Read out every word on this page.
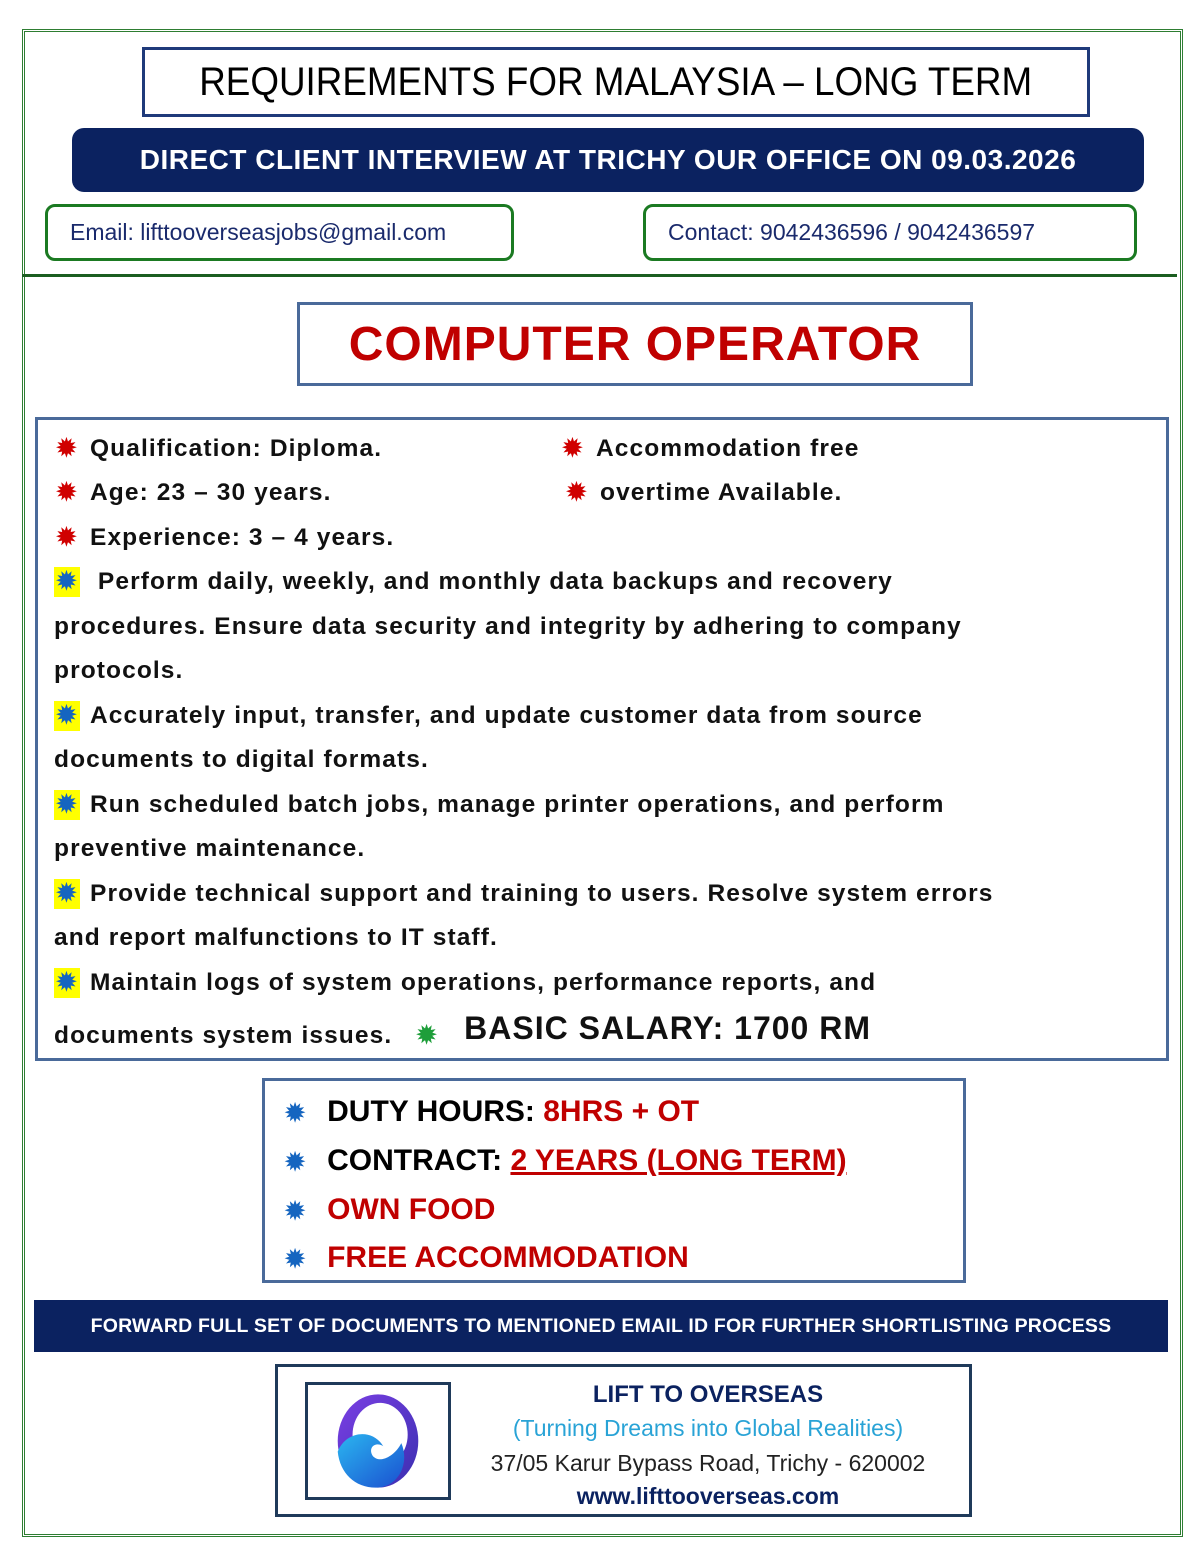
REQUIREMENTS FOR MALAYSIA – LONG TERM
DIRECT CLIENT INTERVIEW AT TRICHY OUR OFFICE ON 09.03.2026
Email: lifttooverseasjobs@gmail.com	Contact: 9042436596 / 9042436597
COMPUTER OPERATOR
✹ Qualification: Diploma.
✹ Age: 23 – 30 years.
✹ Experience: 3 – 4 years.
✹ Accommodation free
✹ overtime Available.
✹ Perform daily, weekly, and monthly data backups and recovery
procedures. Ensure data security and integrity by adhering to company
protocols.
✹ Accurately input, transfer, and update customer data from source
documents to digital formats.
✹ Run scheduled batch jobs, manage printer operations, and perform
preventive maintenance.
✹ Provide technical support and training to users. Resolve system errors
and report malfunctions to IT staff.
✹ Maintain logs of system operations, performance reports, and
documents system issues. ✹ BASIC SALARY: 1700 RM
✹ DUTY HOURS: 8HRS + OT
✹ CONTRACT: 2 YEARS (LONG TERM)
✹ OWN FOOD
✹ FREE ACCOMMODATION
FORWARD FULL SET OF DOCUMENTS TO MENTIONED EMAIL ID FOR FURTHER SHORTLISTING PROCESS
LIFT TO OVERSEAS
(Turning Dreams into Global Realities)
37/05 Karur Bypass Road, Trichy - 620002
www.lifttooverseas.com
